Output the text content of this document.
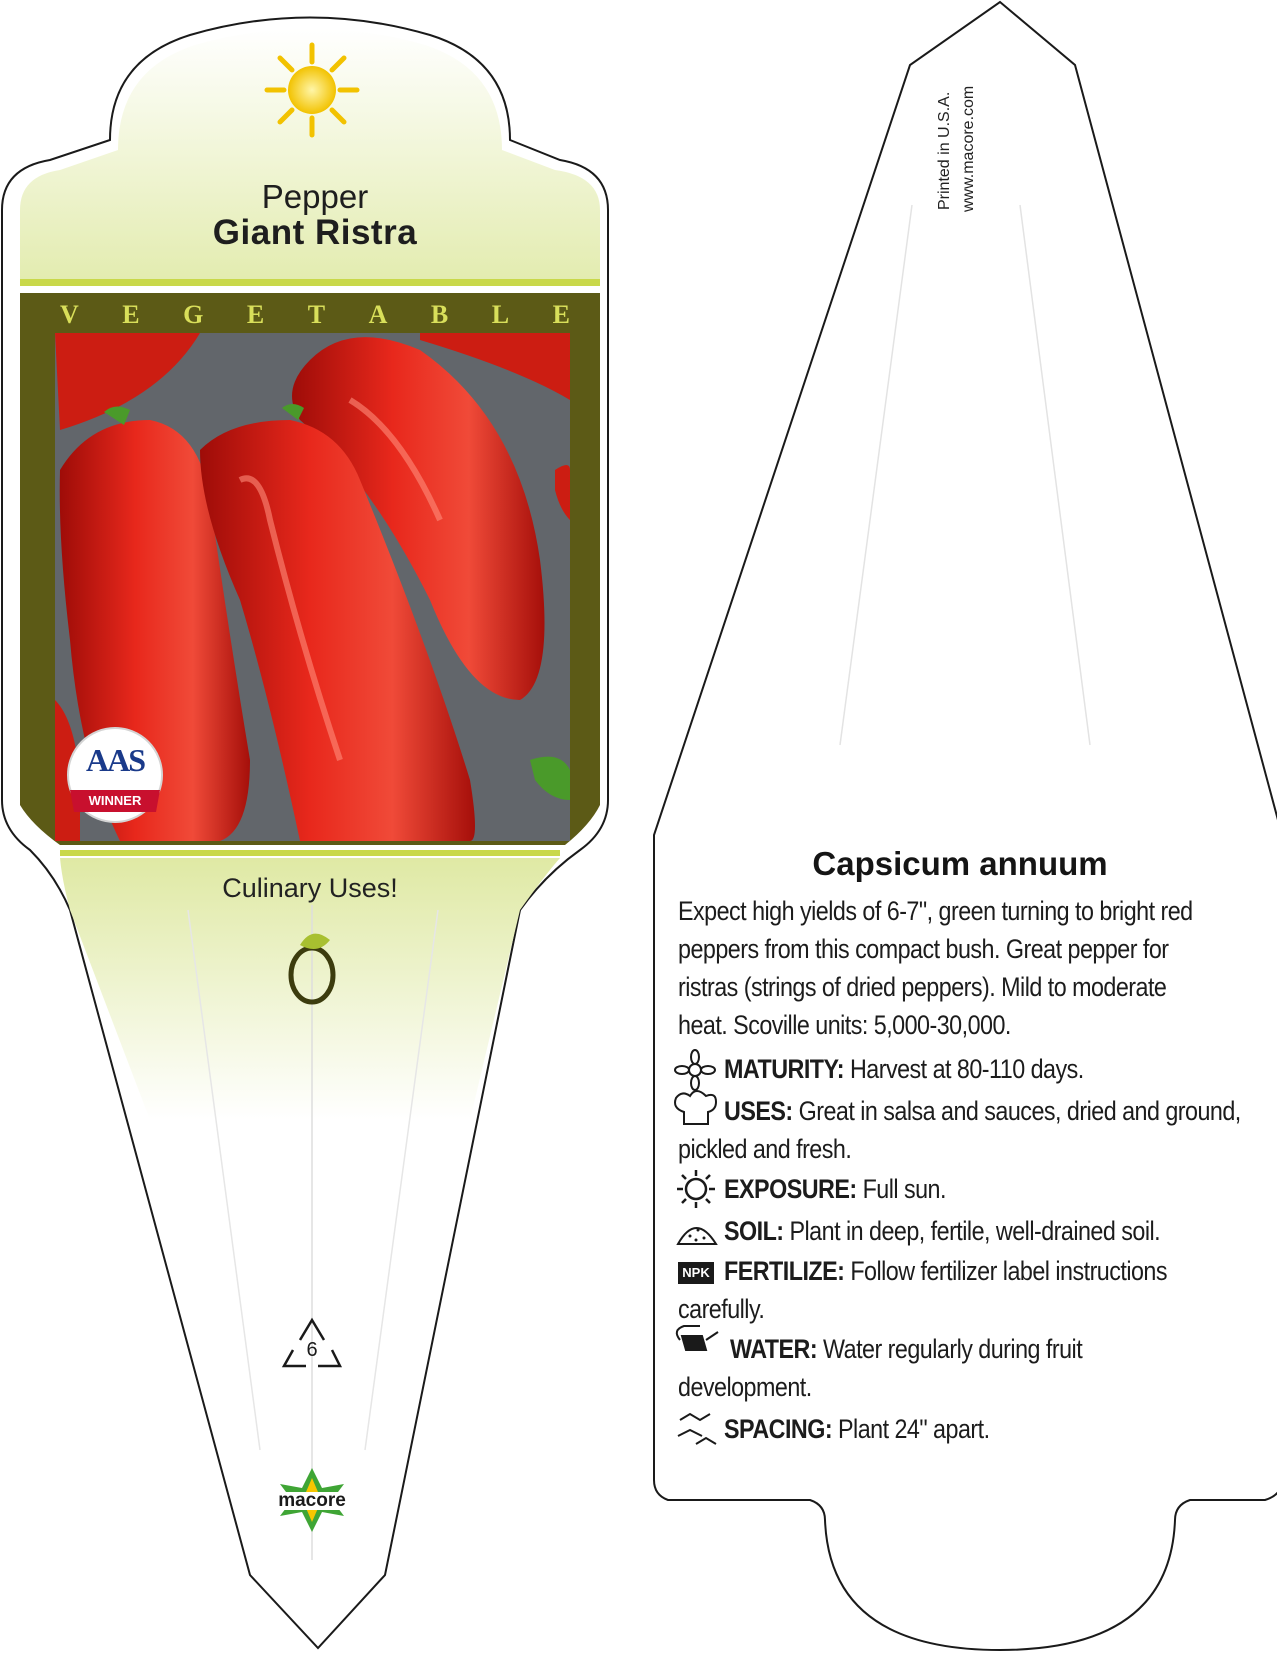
Pepper
Giant Ristra
V E G E T A B L E
AAS
WINNER
Culinary Uses!
6
macore
Printed in U.S.A. www.macore.com
Capsicum annuum
Expect high yields of 6-7", green turning to bright red
peppers from this compact bush. Great pepper for
ristras (strings of dried peppers). Mild to moderate
heat. Scoville units: 5,000-30,000.
MATURITY: Harvest at 80-110 days.
USES: Great in salsa and sauces, dried and ground,
pickled and fresh.
EXPOSURE: Full sun.
SOIL: Plant in deep, fertile, well-drained soil.
NPK FERTILIZE: Follow fertilizer label instructions
carefully.
WATER: Water regularly during fruit
development.
SPACING: Plant 24" apart.
